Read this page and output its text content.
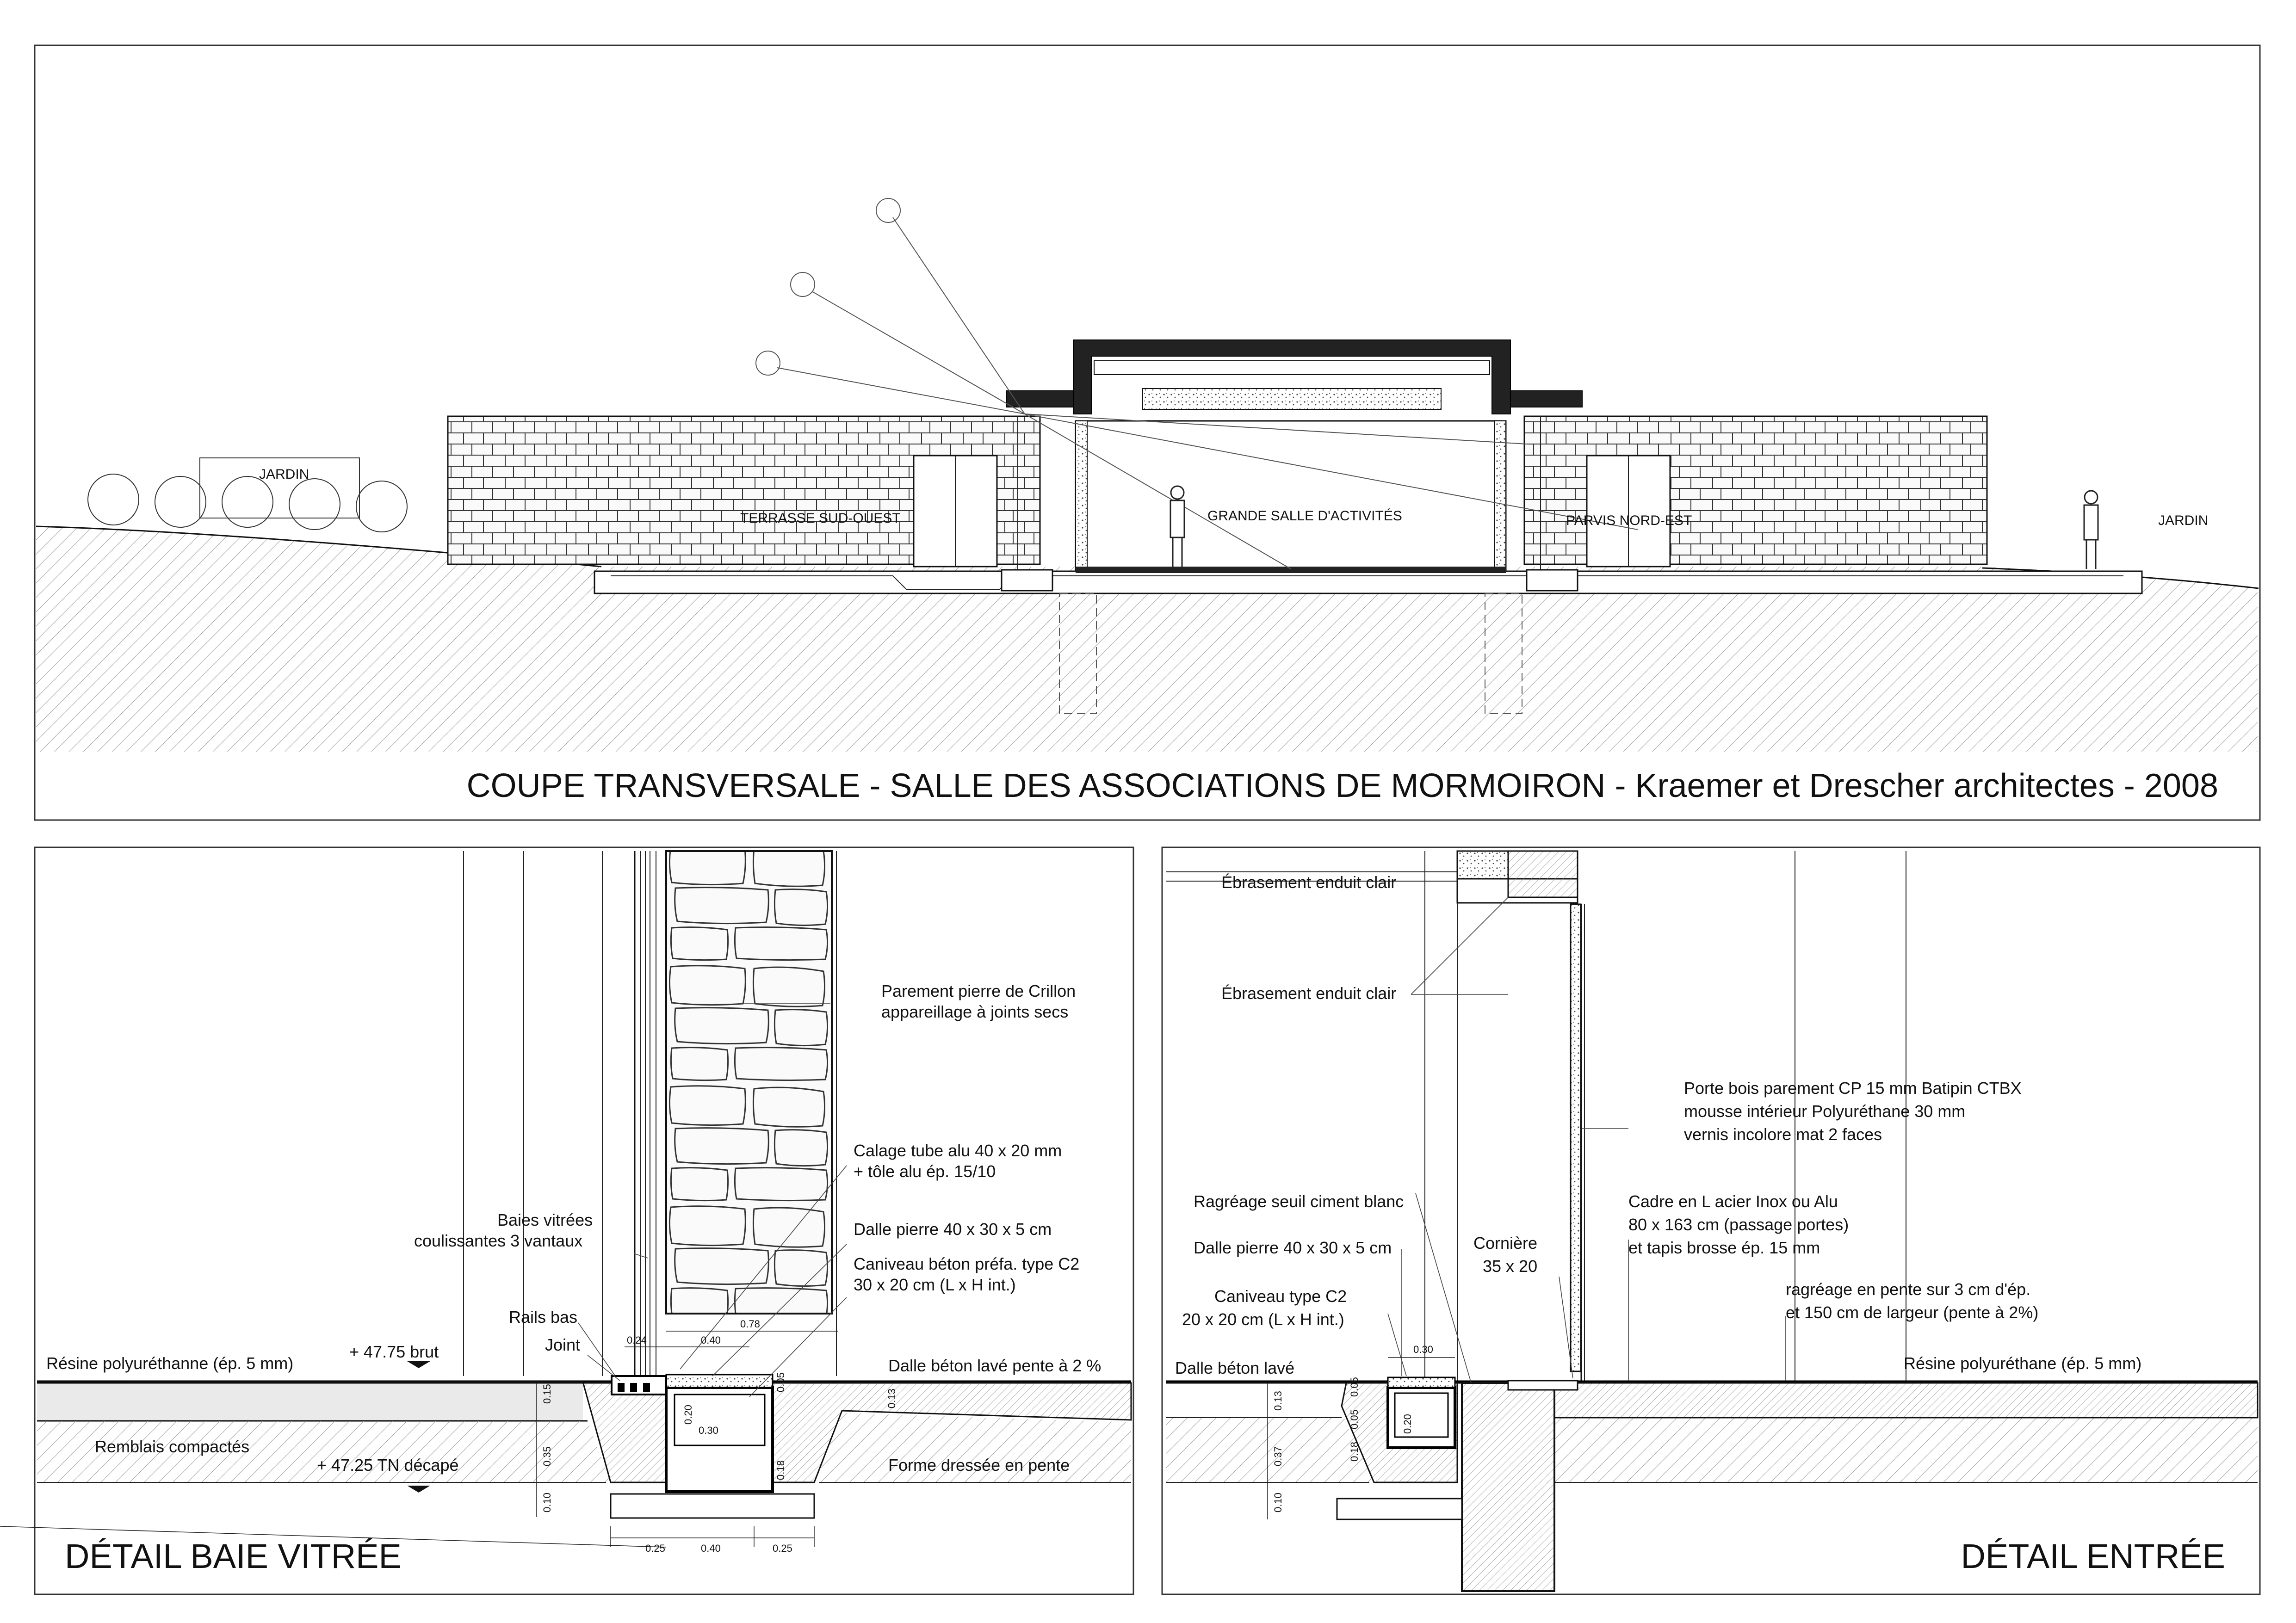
JARDIN
TERRASSE SUD-OUEST	GRANDE SALLE D'ACTIVITÉS	PARVIS NORD-EST	JARDIN
COUPE TRANSVERSALE - SALLE DES ASSOCIATIONS DE MORMOIRON - Kraemer et Drescher architectes - 2008
Parement pierre de Crillon
appareillage à joints secs
Calage tube alu 40 x 20 mm
+ tôle alu ép. 15/10
Dalle pierre 40 x 30 x 5 cm
Caniveau béton préfa. type C2
30 x 20 cm (L x H int.)
Baies vitrées
coulissantes 3 vantaux
Rails bas
Joint
Résine polyuréthanne (ép. 5 mm)
+ 47.75 brut
Dalle béton lavé pente à 2 %
Remblais compactés
+ 47.25 TN décapé	Forme dressée en pente
0.24	0.40
0.78
0.30
0.25	0.40	0.25
0.15
0.35
0.10
0.20
0.05
0.18
0.13
DÉTAIL BAIE VITRÉE
Ébrasement enduit clair
Ébrasement enduit clair
Porte bois parement CP 15 mm Batipin CTBX
mousse intérieur Polyuréthane 30 mm
vernis incolore mat 2 faces
Cadre en L acier Inox ou Alu
80 x 163 cm (passage portes)
et tapis brosse ép. 15 mm
Ragréage seuil ciment blanc
Dalle pierre 40 x 30 x 5 cm	Cornière
35 x 20
ragréage en pente sur 3 cm d'ép.
et 150 cm de largeur (pente à 2%)
Caniveau type C2
20 x 20 cm (L x H int.)
Dalle béton lavé	Résine polyuréthane (ép. 5 mm)
0.30
0.05
0.13
0.20
0.18
0.05
0.37
0.10
DÉTAIL ENTRÉE
